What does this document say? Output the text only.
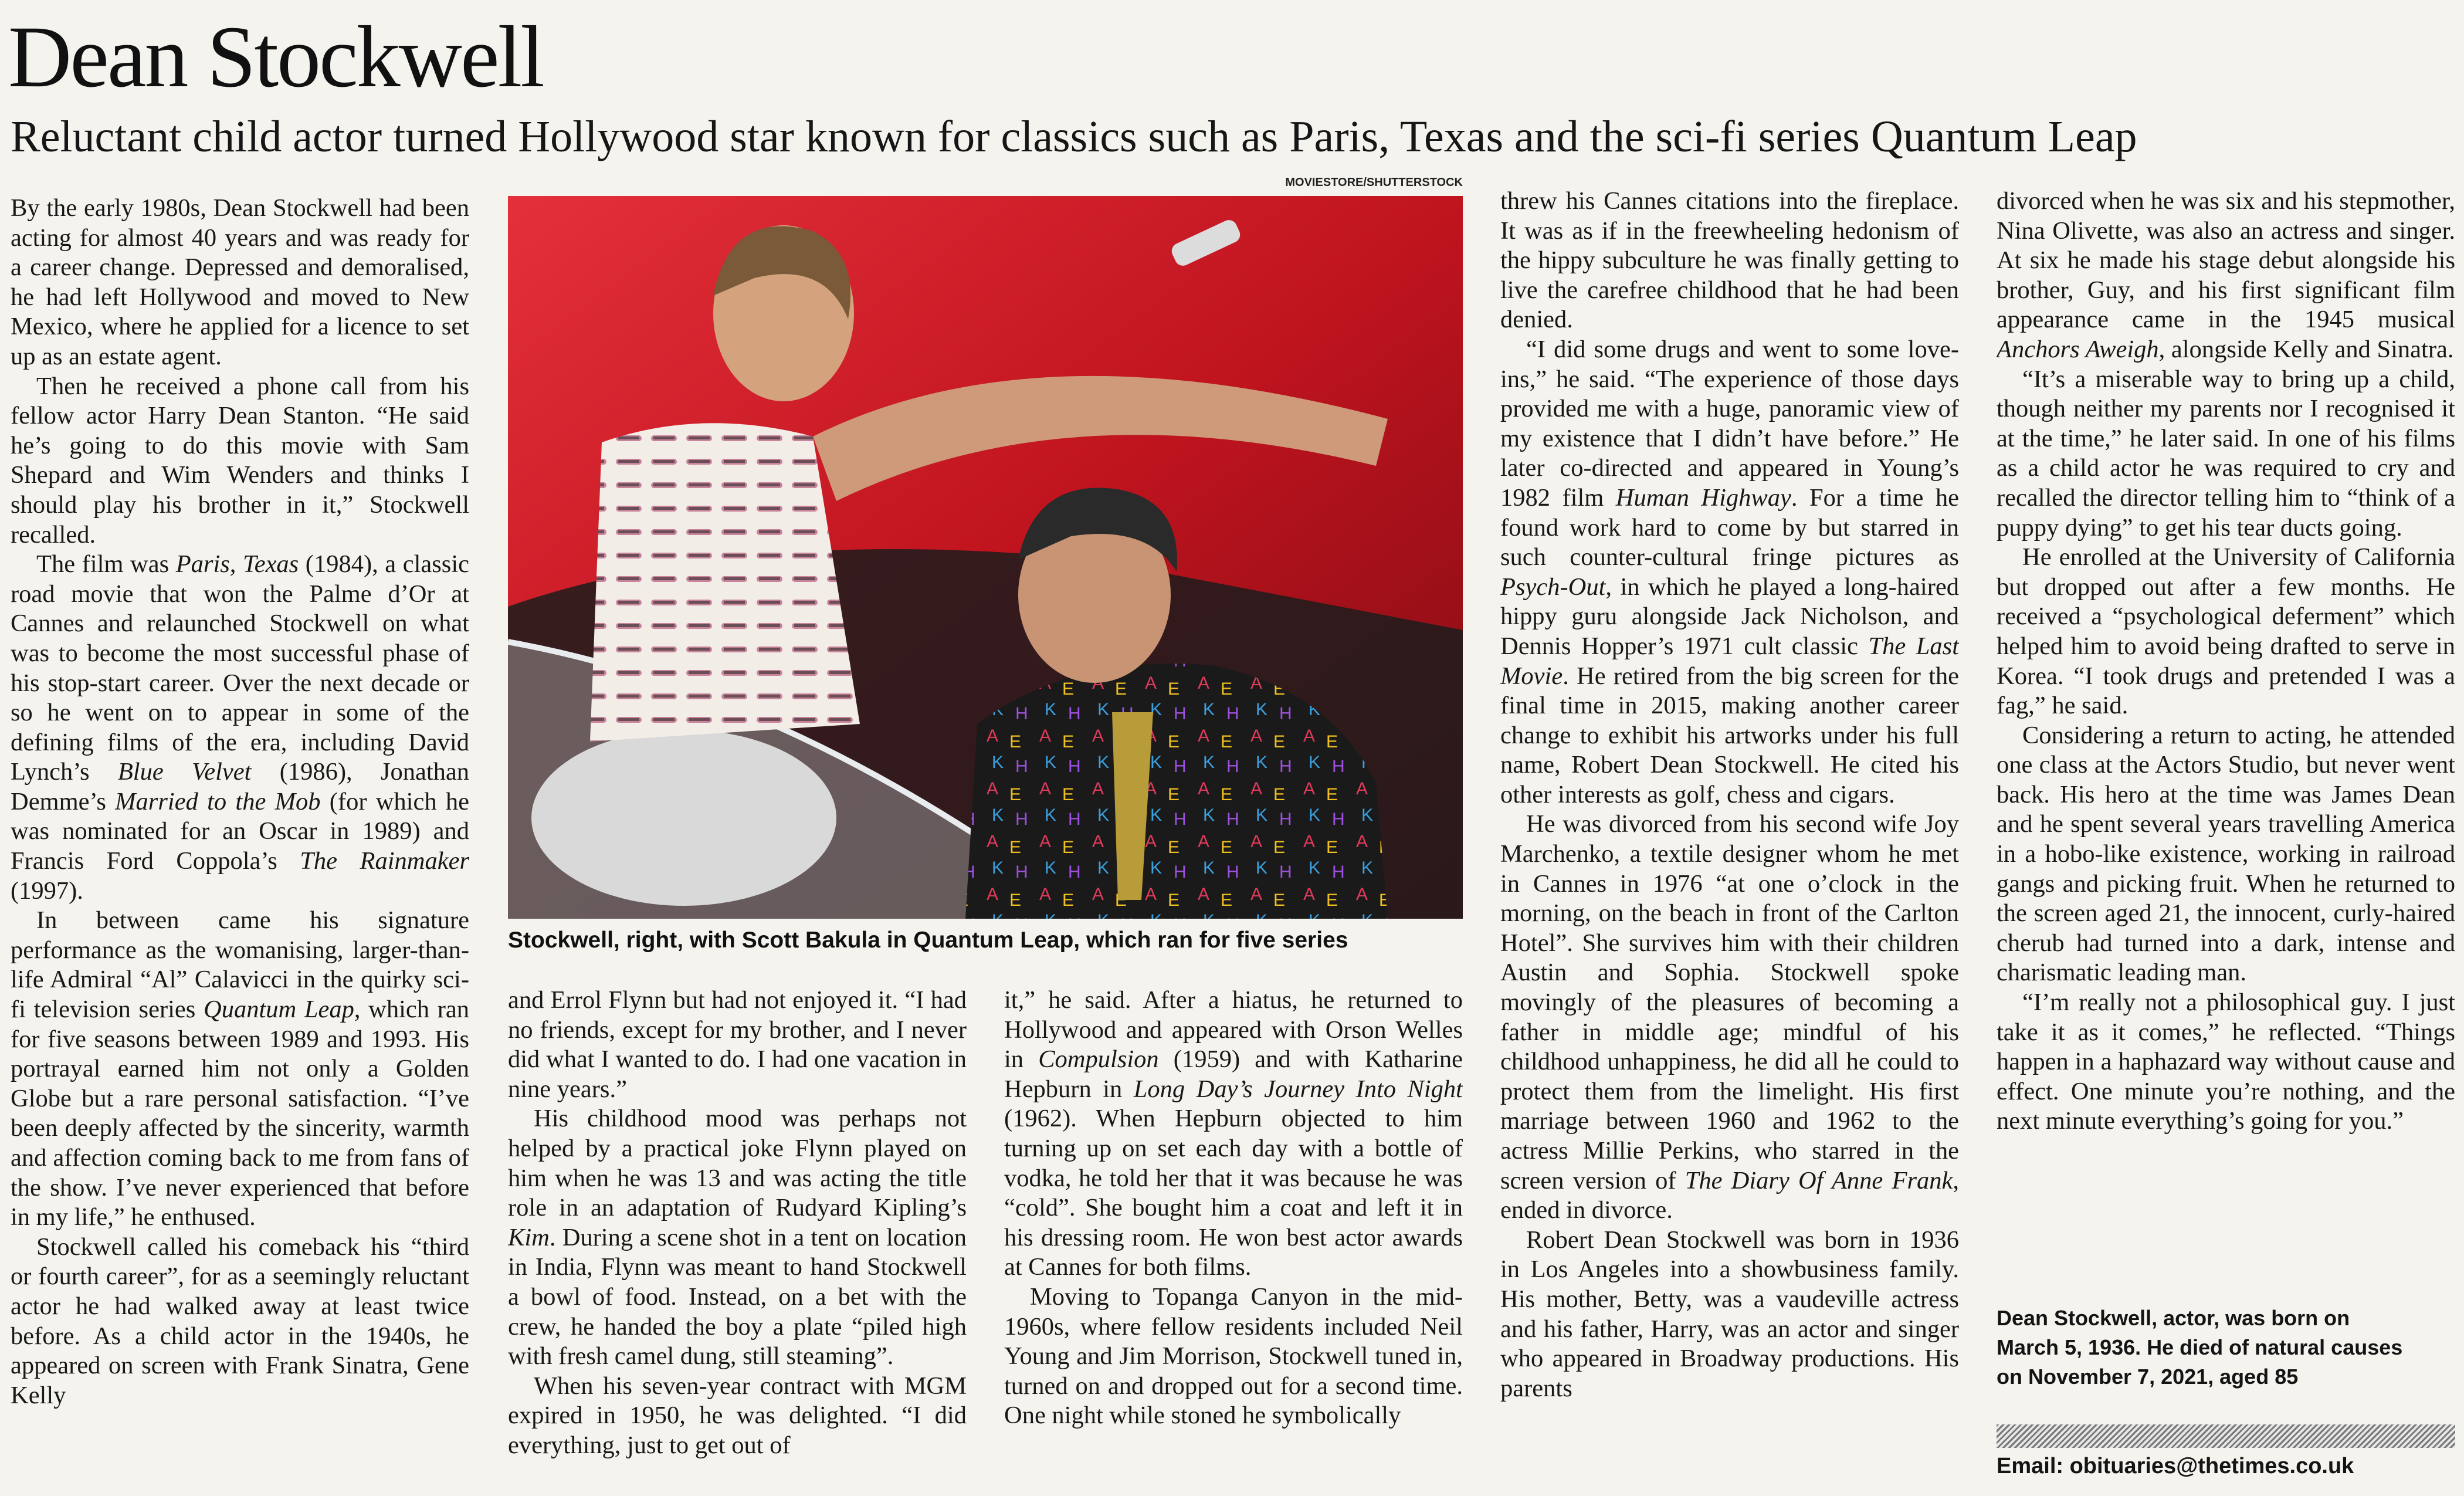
Dean Stockwell
Reluctant child actor turned Hollywood star known for classics such as Paris, Texas and the sci-fi series Quantum Leap

By the early 1980s, Dean Stockwell had been acting for almost 40 years and was ready for a career change. Depressed and demoralised, he had left Hollywood and moved to New Mexico, where he applied for a licence to set up as an estate agent.

Then he received a phone call from his fellow actor Harry Dean Stanton. “He said he’s going to do this movie with Sam Shepard and Wim Wenders and thinks I should play his brother in it,” Stockwell recalled.

The film was Paris, Texas (1984), a classic road movie that won the Palme d’Or at Cannes and relaunched Stockwell on what was to become the most successful phase of his stop-start career. Over the next decade or so he went on to appear in some of the defining films of the era, including David Lynch’s Blue Velvet (1986), Jonathan Demme’s Married to the Mob (for which he was nominated for an Oscar in 1989) and Francis Ford Coppola’s The Rainmaker (1997).

In between came his signature performance as the womanising, larger-than-life Admiral “Al” Calavicci in the quirky sci-fi television series Quantum Leap, which ran for five seasons between 1989 and 1993. His portrayal earned him not only a Golden Globe but a rare personal satisfaction. “I’ve been deeply affected by the sincerity, warmth and affection coming back to me from fans of the show. I’ve never experienced that before in my life,” he enthused.

Stockwell called his comeback his “third or fourth career”, for as a seemingly reluctant actor he had walked away at least twice before. As a child actor in the 1940s, he appeared on screen with Frank Sinatra, Gene Kelly

MOVIESTORE/SHUTTERSTOCK
Stockwell, right, with Scott Bakula in Quantum Leap, which ran for five series

and Errol Flynn but had not enjoyed it. “I had no friends, except for my brother, and I never did what I wanted to do. I had one vacation in nine years.”

His childhood mood was perhaps not helped by a practical joke Flynn played on him when he was 13 and was acting the title role in an adaptation of Rudyard Kipling’s Kim. During a scene shot in a tent on location in India, Flynn was meant to hand Stockwell a bowl of food. Instead, on a bet with the crew, he handed the boy a plate “piled high with fresh camel dung, still steaming”.

When his seven-year contract with MGM expired in 1950, he was delighted. “I did everything, just to get out of

it,” he said. After a hiatus, he returned to Hollywood and appeared with Orson Welles in Compulsion (1959) and with Katharine Hepburn in Long Day’s Journey Into Night (1962). When Hepburn objected to him turning up on set each day with a bottle of vodka, he told her that it was because he was “cold”. She bought him a coat and left it in his dressing room. He won best actor awards at Cannes for both films.

Moving to Topanga Canyon in the mid-1960s, where fellow residents included Neil Young and Jim Morrison, Stockwell tuned in, turned on and dropped out for a second time. One night while stoned he symbolically

threw his Cannes citations into the fireplace. It was as if in the freewheeling hedonism of the hippy subculture he was finally getting to live the carefree childhood that he had been denied.

“I did some drugs and went to some love-ins,” he said. “The experience of those days provided me with a huge, panoramic view of my existence that I didn’t have before.” He later co-directed and appeared in Young’s 1982 film Human Highway. For a time he found work hard to come by but starred in such counter-cultural fringe pictures as Psych-Out, in which he played a long-haired hippy guru alongside Jack Nicholson, and Dennis Hopper’s 1971 cult classic The Last Movie. He retired from the big screen for the final time in 2015, making another career change to exhibit his artworks under his full name, Robert Dean Stockwell. He cited his other interests as golf, chess and cigars.

He was divorced from his second wife Joy Marchenko, a textile designer whom he met in Cannes in 1976 “at one o’clock in the morning, on the beach in front of the Carlton Hotel”. She survives him with their children Austin and Sophia. Stockwell spoke movingly of the pleasures of becoming a father in middle age; mindful of his childhood unhappiness, he did all he could to protect them from the limelight. His first marriage between 1960 and 1962 to the actress Millie Perkins, who starred in the screen version of The Diary Of Anne Frank, ended in divorce.

Robert Dean Stockwell was born in 1936 in Los Angeles into a showbusiness family. His mother, Betty, was a vaudeville actress and his father, Harry, was an actor and singer who appeared in Broadway productions. His parents

divorced when he was six and his stepmother, Nina Olivette, was also an actress and singer. At six he made his stage debut alongside his brother, Guy, and his first significant film appearance came in the 1945 musical Anchors Aweigh, alongside Kelly and Sinatra.

“It’s a miserable way to bring up a child, though neither my parents nor I recognised it at the time,” he later said. In one of his films as a child actor he was required to cry and recalled the director telling him to “think of a puppy dying” to get his tear ducts going.

He enrolled at the University of California but dropped out after a few months. He received a “psychological deferment” which helped him to avoid being drafted to serve in Korea. “I took drugs and pretended I was a fag,” he said.

Considering a return to acting, he attended one class at the Actors Studio, but never went back. His hero at the time was James Dean and he spent several years travelling America in a hobo-like existence, working in railroad gangs and picking fruit. When he returned to the screen aged 21, the innocent, curly-haired cherub had turned into a dark, intense and charismatic leading man.

“I’m really not a philosophical guy. I just take it as it comes,” he reflected. “Things happen in a haphazard way without cause and effect. One minute you’re nothing, and the next minute everything’s going for you.”

Dean Stockwell, actor, was born on
March 5, 1936. He died of natural causes
on November 7, 2021, aged 85
Email: obituaries@thetimes.co.uk
